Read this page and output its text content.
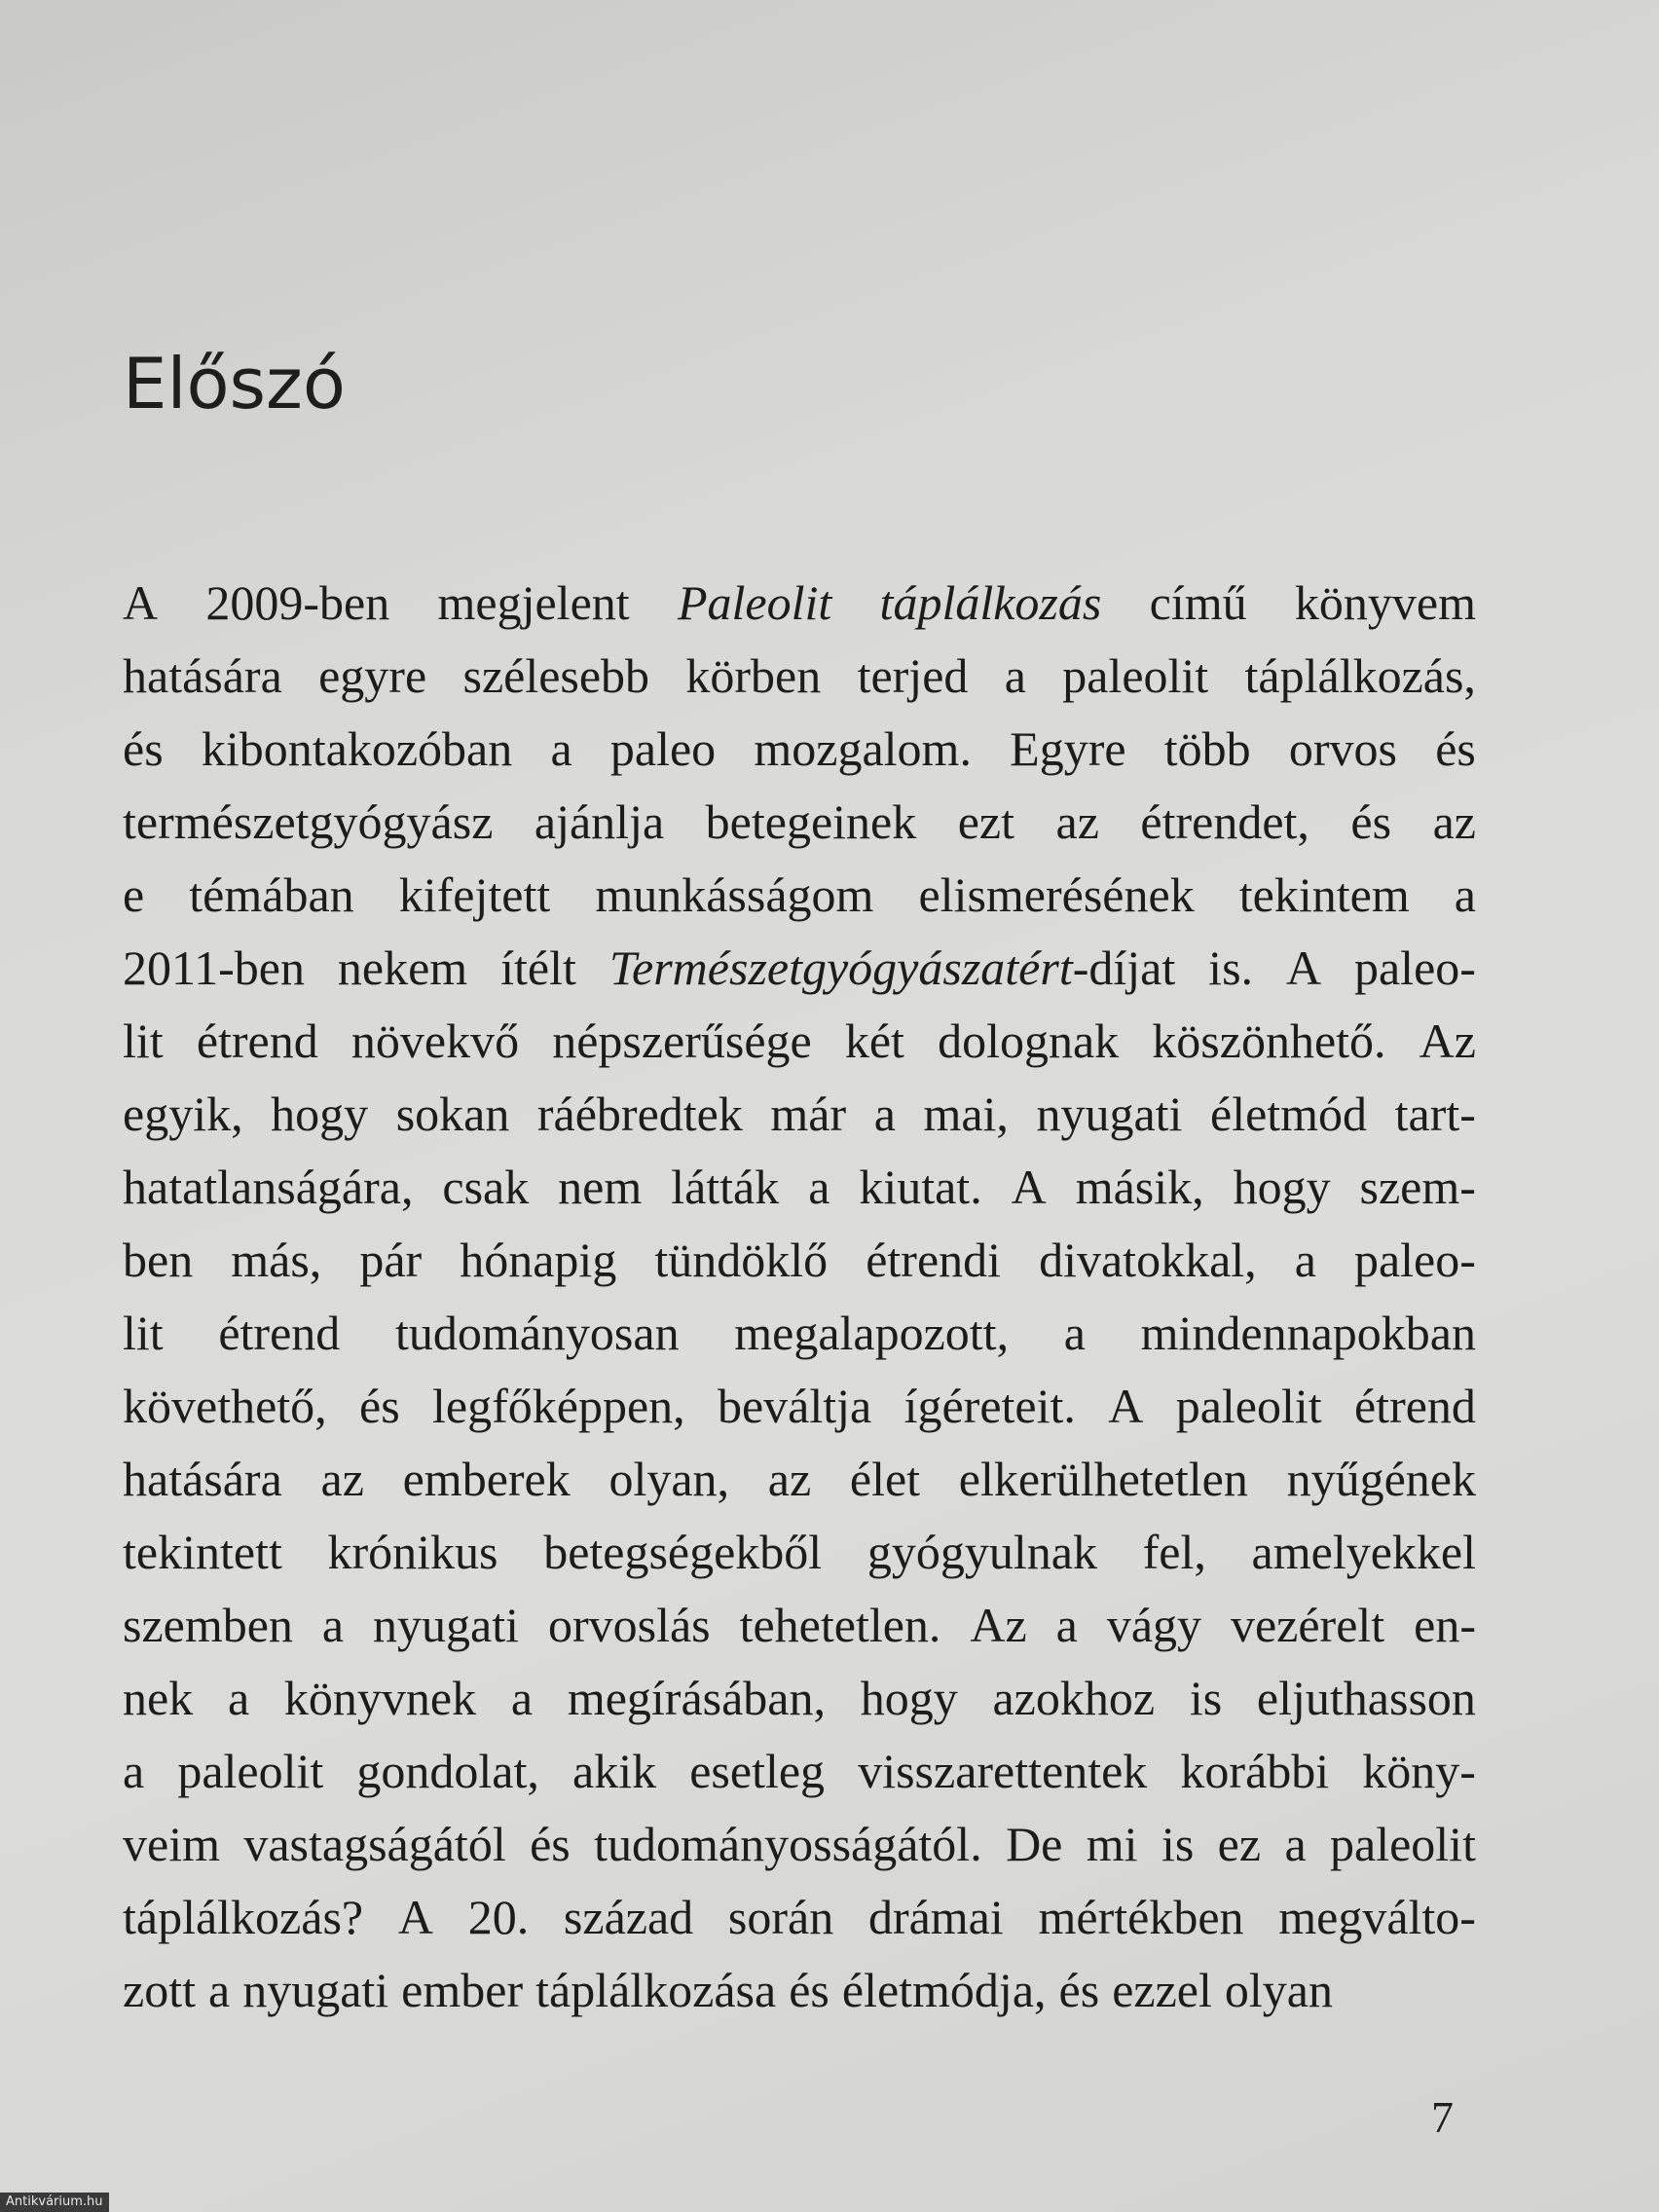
Előszó
A 2009-ben megjelent Paleolit táplálkozás című könyvem
hatására egyre szélesebb körben terjed a paleolit táplálkozás,
és kibontakozóban a paleo mozgalom. Egyre több orvos és
természetgyógyász ajánlja betegeinek ezt az étrendet, és az
e témában kifejtett munkásságom elismerésének tekintem a
2011-ben nekem ítélt Természetgyógyászatért-díjat is. A paleo-
lit étrend növekvő népszerűsége két dolognak köszönhető. Az
egyik, hogy sokan ráébredtek már a mai, nyugati életmód tart-
hatatlanságára, csak nem látták a kiutat. A másik, hogy szem-
ben más, pár hónapig tündöklő étrendi divatokkal, a paleo-
lit étrend tudományosan megalapozott, a mindennapokban
követhető, és legfőképpen, beváltja ígéreteit. A paleolit étrend
hatására az emberek olyan, az élet elkerülhetetlen nyűgének
tekintett krónikus betegségekből gyógyulnak fel, amelyekkel
szemben a nyugati orvoslás tehetetlen. Az a vágy vezérelt en-
nek a könyvnek a megírásában, hogy azokhoz is eljuthasson
a paleolit gondolat, akik esetleg visszarettentek korábbi köny-
veim vastagságától és tudományosságától. De mi is ez a paleolit
táplálkozás? A 20. század során drámai mértékben megválto-
zott a nyugati ember táplálkozása és életmódja, és ezzel olyan
7
Antikvárium.hu
